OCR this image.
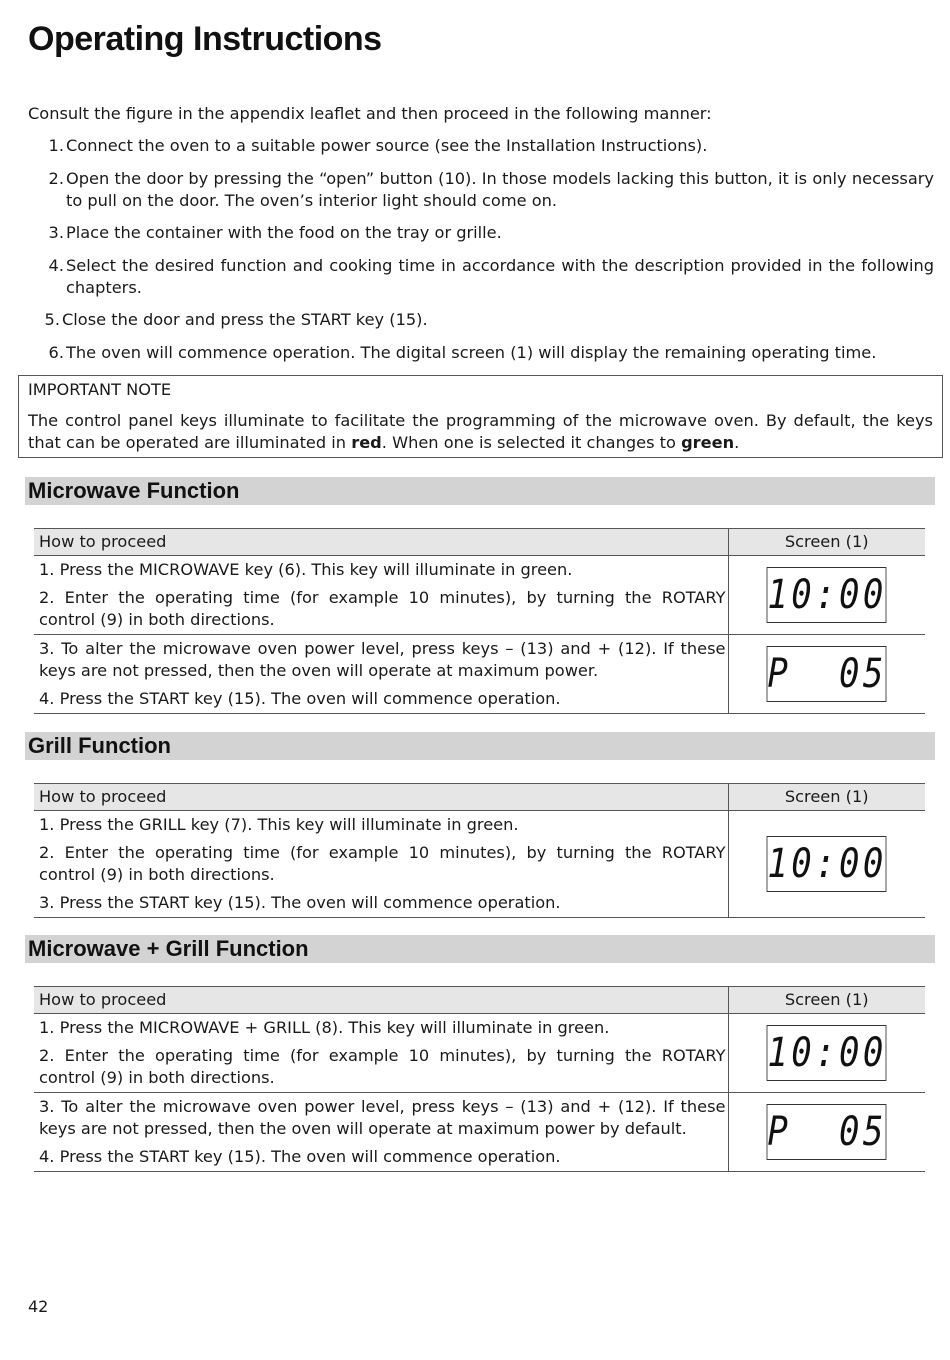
Operating Instructions

Consult the figure in the appendix leaflet and then proceed in the following manner:

1. Connect the oven to a suitable power source (see the Installation Instructions).
2. Open the door by pressing the “open” button (10). In those models lacking this button, it is only necessary to pull on the door. The oven’s interior light should come on.
3. Place the container with the food on the tray or grille.
4. Select the desired function and cooking time in accordance with the description provided in the following chapters.
5. Close the door and press the START key (15).
6. The oven will commence operation. The digital screen (1) will display the remaining operating time.
IMPORTANT NOTE
The control panel keys illuminate to facilitate the programming of the microwave oven. By default, the keys that can be operated are illuminated in red. When one is selected it changes to green.
Microwave Function
How to proceed	Screen (1)

1. Press the MICROWAVE key (6). This key will illuminate in green.
2. Enter the operating time (for example 10 minutes), by turning the ROTARY control (9) in both directions.	10:00

3. To alter the microwave oven power level, press keys – (13) and + (12). If these keys are not pressed, then the oven will operate at maximum power.
4. Press the START key (15). The oven will commence operation.	P  05
Grill Function
How to proceed	Screen (1)

1. Press the GRILL key (7). This key will illuminate in green.
2. Enter the operating time (for example 10 minutes), by turning the ROTARY control (9) in both directions.
3. Press the START key (15). The oven will commence operation.	10:00
Microwave + Grill Function
How to proceed	Screen (1)

1. Press the MICROWAVE + GRILL (8). This key will illuminate in green.
2. Enter the operating time (for example 10 minutes), by turning the ROTARY control (9) in both directions.	10:00

3. To alter the microwave oven power level, press keys – (13) and + (12). If these keys are not pressed, then the oven will operate at maximum power by default.
4. Press the START key (15). The oven will commence operation.	P  05
42
